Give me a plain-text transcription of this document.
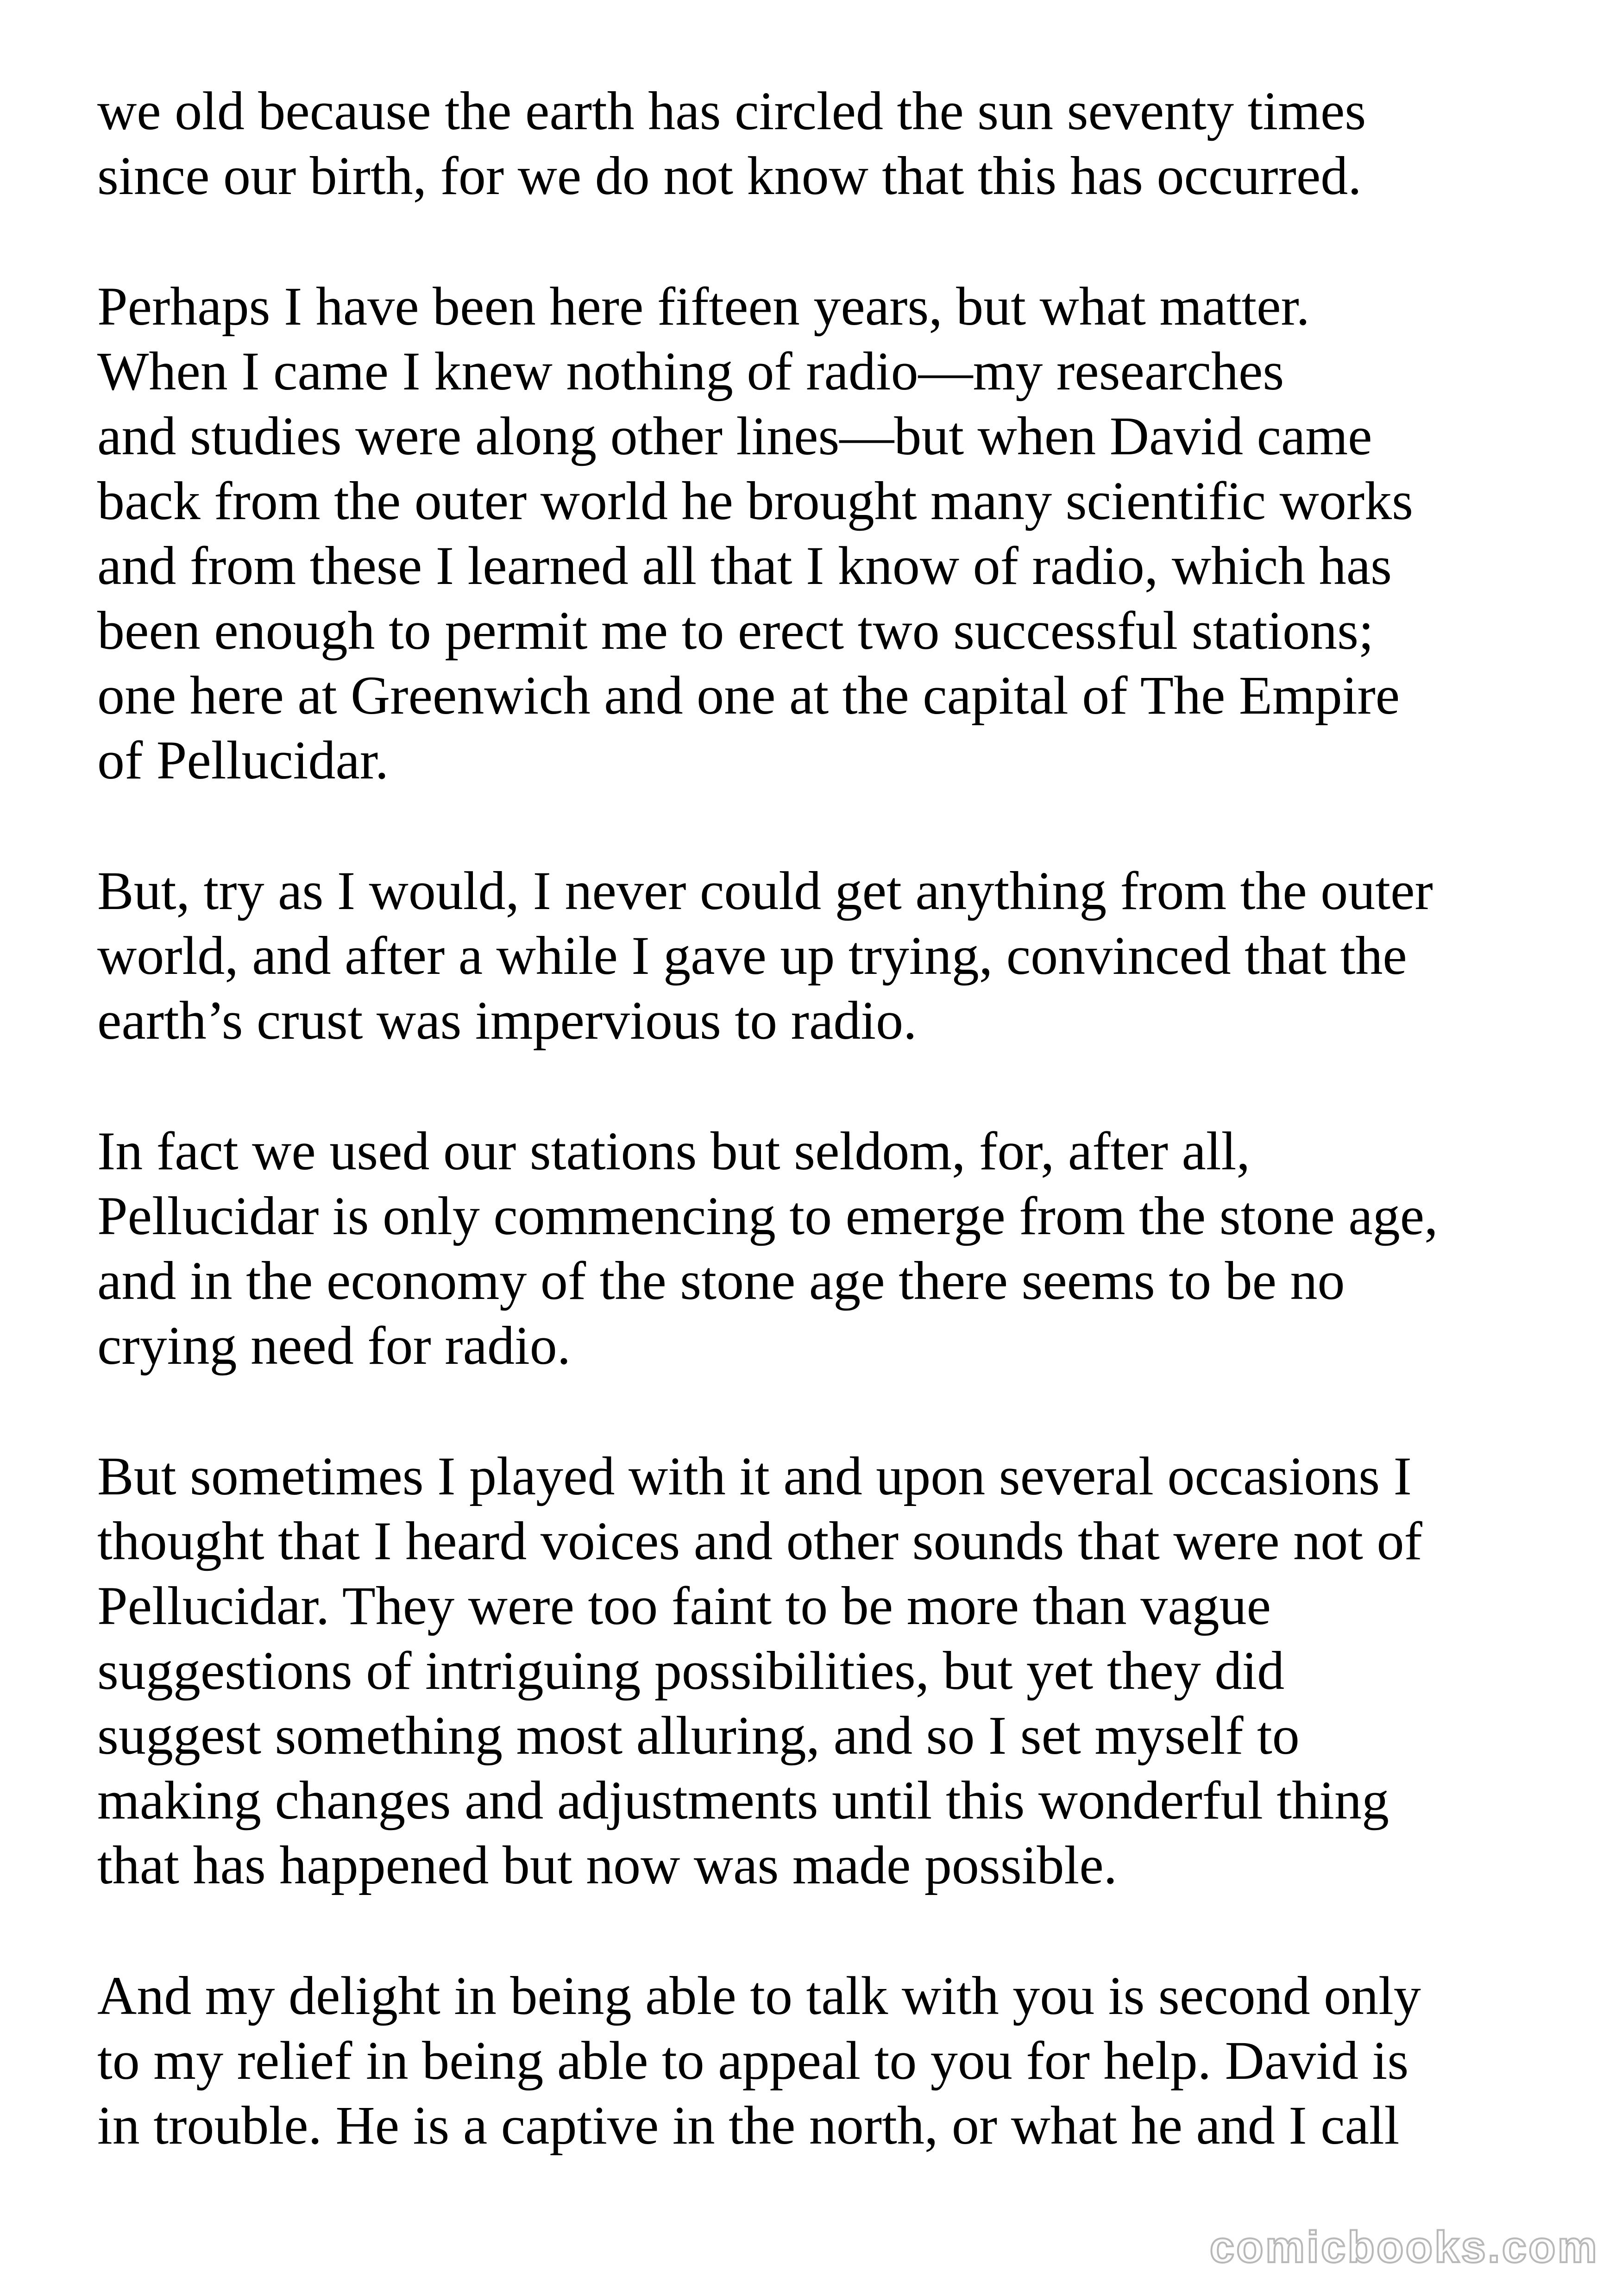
we old because the earth has circled the sun seventy times
since our birth, for we do not know that this has occurred.

Perhaps I have been here fifteen years, but what matter.
When I came I knew nothing of radio—my researches
and studies were along other lines—but when David came
back from the outer world he brought many scientific works
and from these I learned all that I know of radio, which has
been enough to permit me to erect two successful stations;
one here at Greenwich and one at the capital of The Empire
of Pellucidar.

But, try as I would, I never could get anything from the outer
world, and after a while I gave up trying, convinced that the
earth’s crust was impervious to radio.

In fact we used our stations but seldom, for, after all,
Pellucidar is only commencing to emerge from the stone age,
and in the economy of the stone age there seems to be no
crying need for radio.

But sometimes I played with it and upon several occasions I
thought that I heard voices and other sounds that were not of
Pellucidar. They were too faint to be more than vague
suggestions of intriguing possibilities, but yet they did
suggest something most alluring, and so I set myself to
making changes and adjustments until this wonderful thing
that has happened but now was made possible.

And my delight in being able to talk with you is second only
to my relief in being able to appeal to you for help. David is
in trouble. He is a captive in the north, or what he and I call

comicbooks.com
